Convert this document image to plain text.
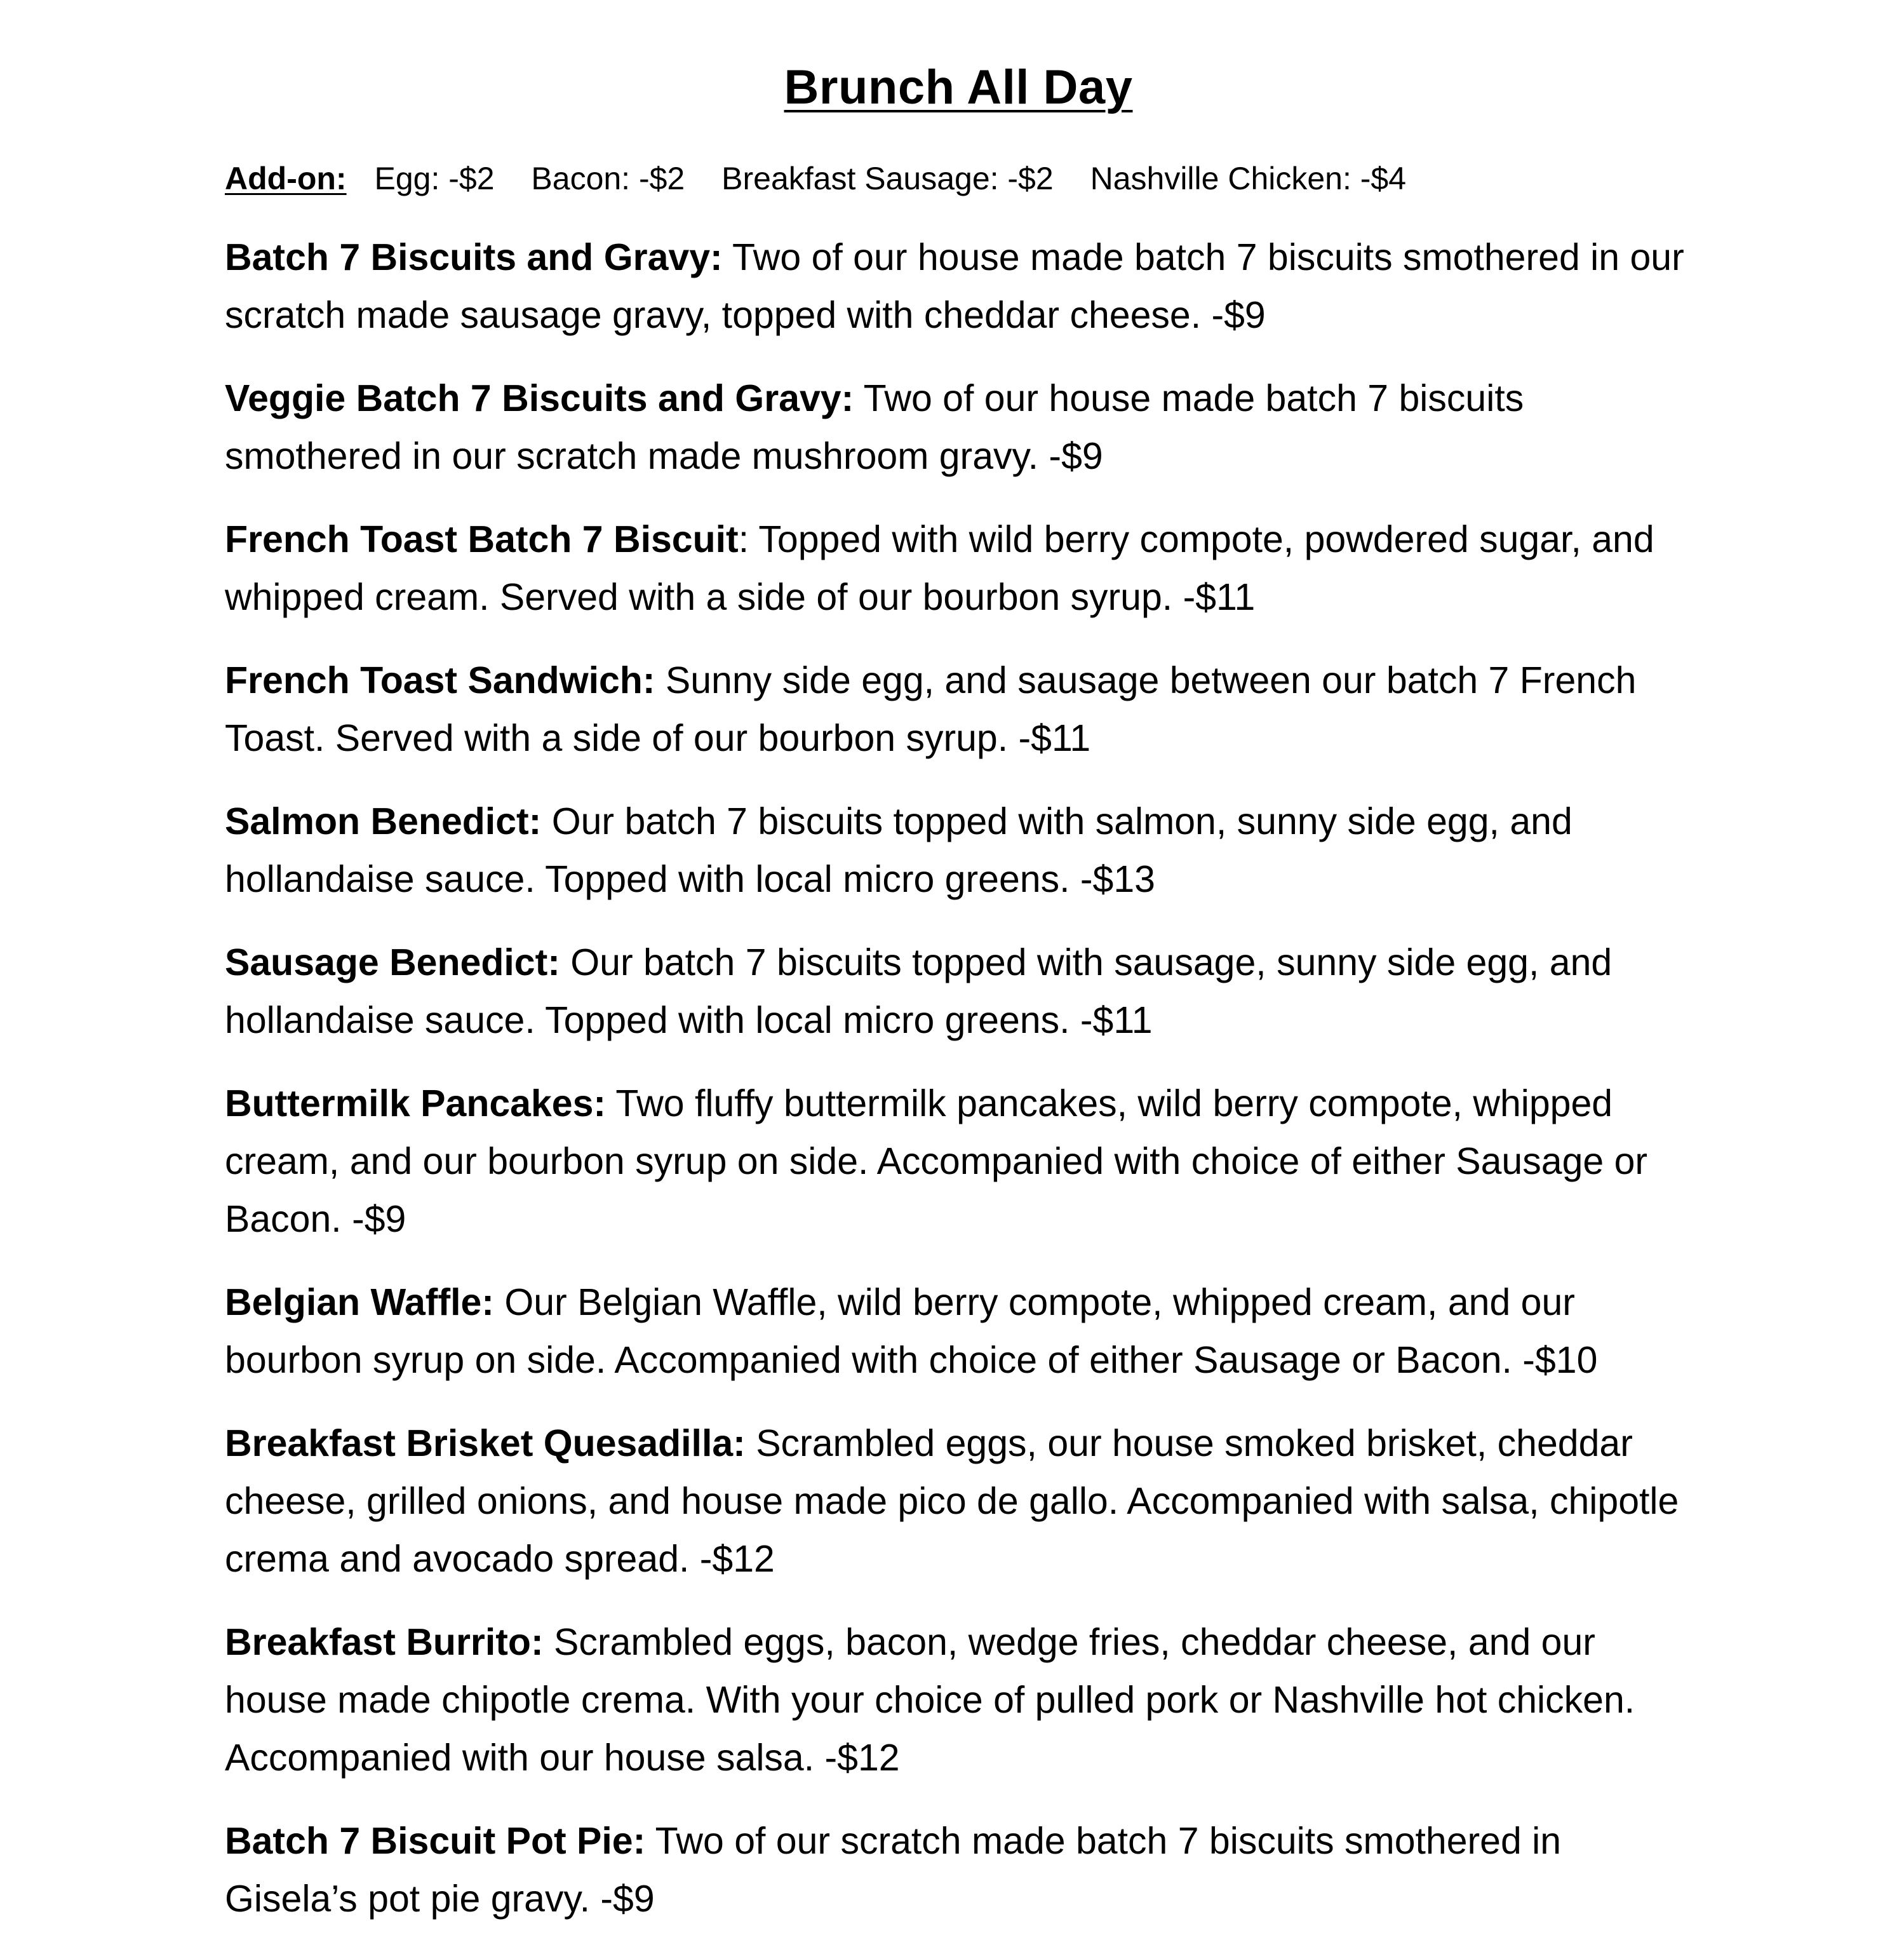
Brunch All Day
Add-on: Egg: -$2 Bacon: -$2 Breakfast Sausage: -$2 Nashville Chicken: -$4

Batch 7 Biscuits and Gravy: Two of our house made batch 7 biscuits smothered in our scratch made sausage gravy, topped with cheddar cheese. -$9

Veggie Batch 7 Biscuits and Gravy: Two of our house made batch 7 biscuits smothered in our scratch made mushroom gravy. -$9

French Toast Batch 7 Biscuit: Topped with wild berry compote, powdered sugar, and whipped cream. Served with a side of our bourbon syrup. -$11

French Toast Sandwich: Sunny side egg, and sausage between our batch 7 French Toast. Served with a side of our bourbon syrup. -$11

Salmon Benedict: Our batch 7 biscuits topped with salmon, sunny side egg, and hollandaise sauce. Topped with local micro greens. -$13

Sausage Benedict: Our batch 7 biscuits topped with sausage, sunny side egg, and hollandaise sauce. Topped with local micro greens. -$11

Buttermilk Pancakes: Two fluffy buttermilk pancakes, wild berry compote, whipped cream, and our bourbon syrup on side. Accompanied with choice of either Sausage or Bacon. -$9

Belgian Waffle: Our Belgian Waffle, wild berry compote, whipped cream, and our bourbon syrup on side. Accompanied with choice of either Sausage or Bacon. -$10

Breakfast Brisket Quesadilla: Scrambled eggs, our house smoked brisket, cheddar cheese, grilled onions, and house made pico de gallo. Accompanied with salsa, chipotle crema and avocado spread. -$12

Breakfast Burrito: Scrambled eggs, bacon, wedge fries, cheddar cheese, and our house made chipotle crema. With your choice of pulled pork or Nashville hot chicken. Accompanied with our house salsa. -$12

Batch 7 Biscuit Pot Pie: Two of our scratch made batch 7 biscuits smothered in Gisela’s pot pie gravy. -$9
